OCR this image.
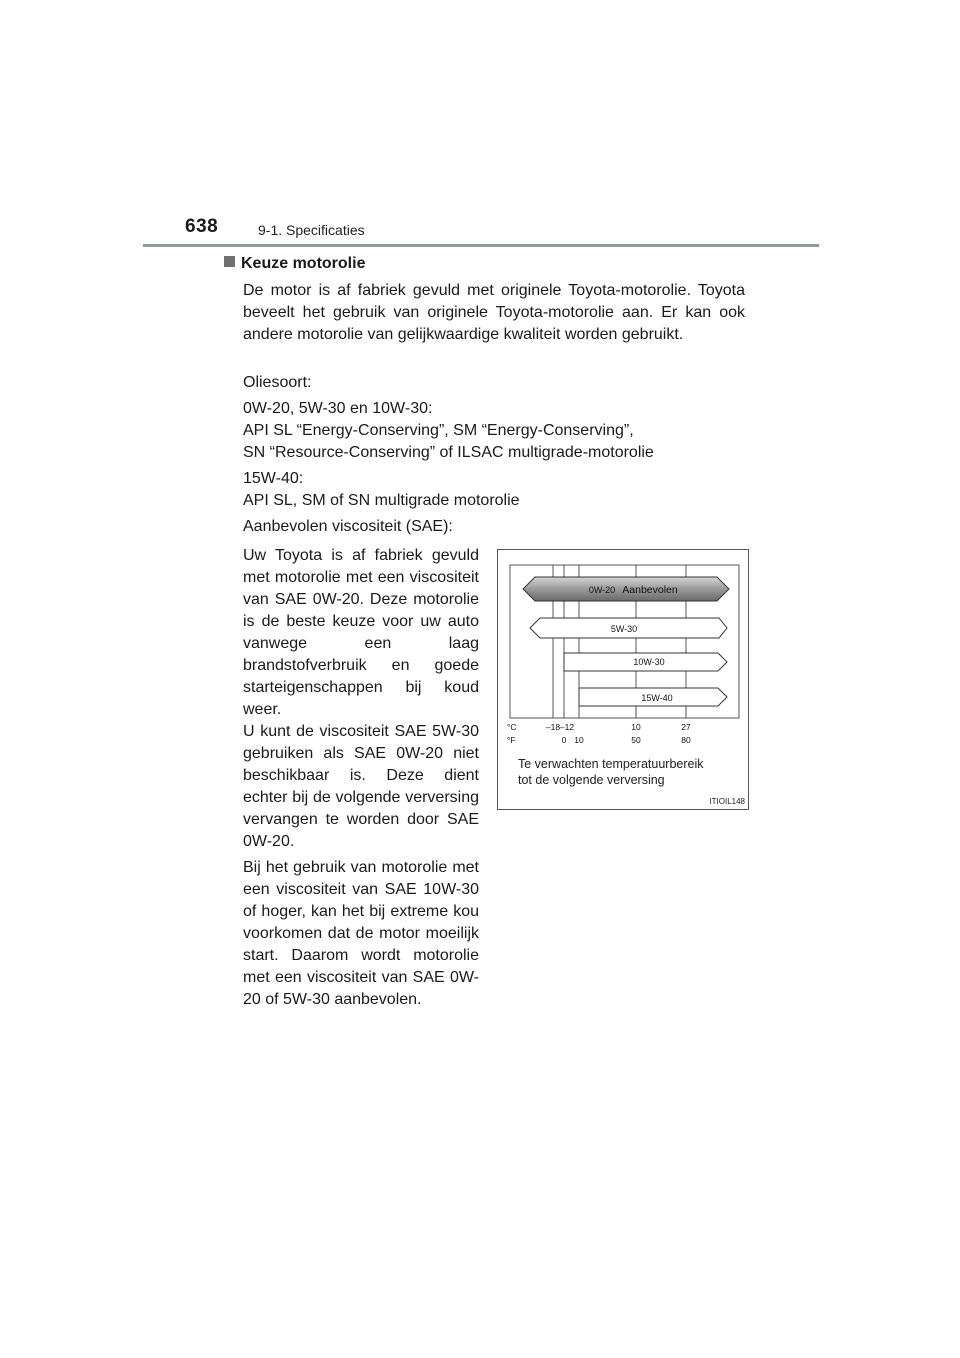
638	9-1. Specificaties
Keuze motorolie
De motor is af fabriek gevuld met originele Toyota-motorolie. Toyota beveelt het gebruik van originele Toyota-motorolie aan. Er kan ook andere motorolie van gelijkwaardige kwaliteit worden gebruikt.
Oliesoort:
0W-20, 5W-30 en 10W-30:
API SL “Energy-Conserving”, SM “Energy-Conserving”,
SN “Resource-Conserving” of ILSAC multigrade-motorolie
15W-40:
API SL, SM of SN multigrade motorolie
Aanbevolen viscositeit (SAE):
Uw Toyota is af fabriek gevuld met motorolie met een viscositeit van SAE 0W-20. Deze motorolie is de beste keuze voor uw auto vanwege een laag brandstofverbruik en goede starteigenschappen bij koud weer.
U kunt de viscositeit SAE 5W-30 gebruiken als SAE 0W-20 niet beschikbaar is. Deze dient echter bij de volgende verversing vervangen te worden door SAE 0W-20.
Bij het gebruik van motorolie met een viscositeit van SAE 10W-30 of hoger, kan het bij extreme kou voorkomen dat de motor moeilijk start. Daarom wordt motorolie met een viscositeit van SAE 0W-20 of 5W-30 aanbevolen.
0W-20 Aanbevolen
5W-30
10W-30
15W-40
°C
°F
–18 –12	10	27
0 10	50	80
Te verwachten temperatuurbereik
tot de volgende verversing
ITIOIL148
